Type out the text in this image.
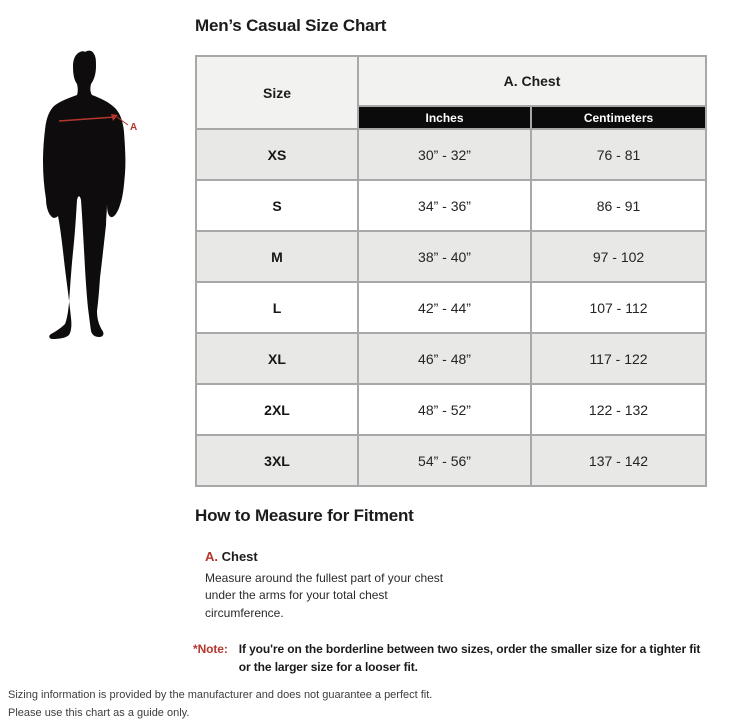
A
Men’s Casual Size Chart
Size	A. Chest	
	Inches	Centimeters
XS	30” - 32”	76 - 81
S	34” - 36”	86 - 91
M	38” - 40”	97 - 102
L	42” - 44”	107 - 112
XL	46” - 48”	117 - 122
2XL	48” - 52”	122 - 132
3XL	54” - 56”	137 - 142
How to Measure for Fitment
A. Chest
Measure around the fullest part of your chest under the arms for your total chest circumference.
*Note: If you're on the borderline between two sizes, order the smaller size for a tighter fit or the larger size for a looser fit.
Sizing information is provided by the manufacturer and does not guarantee a perfect fit.
Please use this chart as a guide only.
